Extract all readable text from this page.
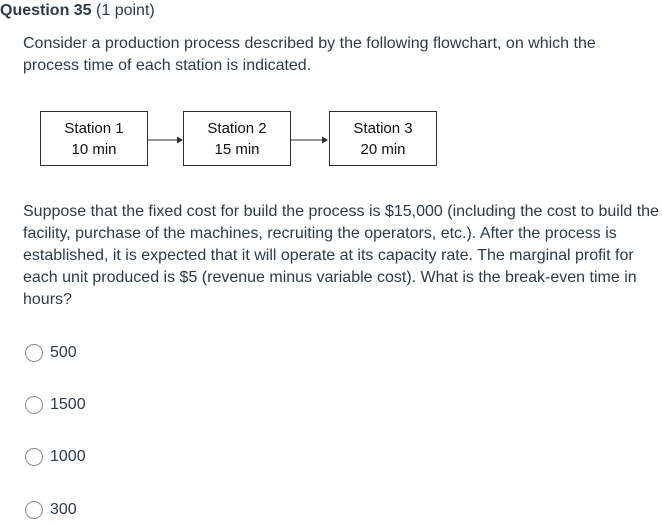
Question 35 (1 point)
Consider a production process described by the following flowchart, on which the process time of each station is indicated.
Station 1
10 min
Station 2
15 min
Station 3
20 min
Suppose that the fixed cost for build the process is $15,000 (including the cost to build the facility, purchase of the machines, recruiting the operators, etc.). After the process is established, it is expected that it will operate at its capacity rate. The marginal profit for each unit produced is $5 (revenue minus variable cost). What is the break-even time in hours?
500
1500
1000
300
